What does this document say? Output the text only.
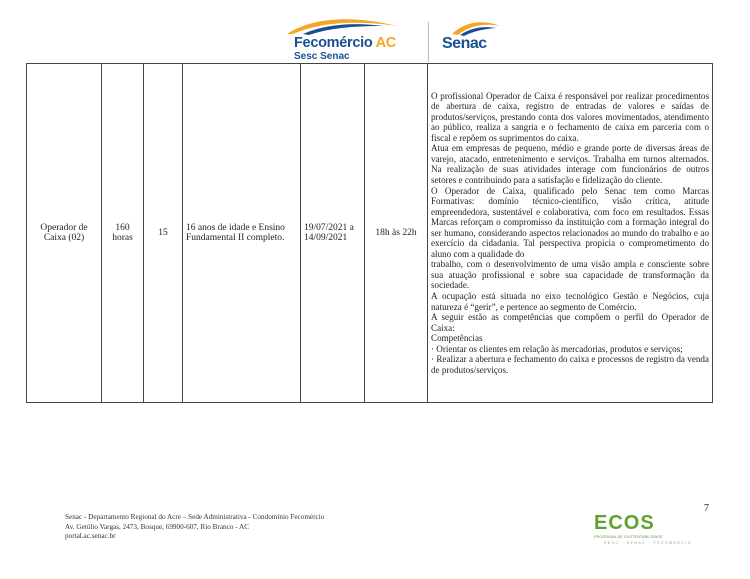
Fecomércio AC
Sesc Senac
Senac
Operador de Caixa (02)	160 horas	15	16 anos de idade e Ensino Fundamental II completo.	19/07/2021 a 14/09/2021	18h às 22h	

O profissional Operador de Caixa é responsável por realizar procedimentos de abertura de caixa, registro de entradas de valores e saídas de produtos/serviços, prestando conta dos valores movimentados, atendimento ao público, realiza a sangria e o fechamento de caixa em parceria com o fiscal e repõem os suprimentos do caixa.

Atua em empresas de pequeno, médio e grande porte de diversas áreas de varejo, atacado, entretenimento e serviços. Trabalha em turnos alternados. Na realização de suas atividades interage com funcionários de outros setores e contribuindo para a satisfação e fidelização do cliente.

O Operador de Caixa, qualificado pelo Senac tem como Marcas Formativas: domínio técnico-científico, visão crítica, atitude empreendedora, sustentável e colaborativa, com foco em resultados. Essas Marcas reforçam o compromisso da instituição com a formação integral do ser humano, considerando aspectos relacionados ao mundo do trabalho e ao exercício da cidadania. Tal perspectiva propicia o comprometimento do aluno com a qualidade do

trabalho, com o desenvolvimento de uma visão ampla e consciente sobre sua atuação profissional e sobre sua capacidade de transformação da sociedade.

A ocupação está situada no eixo tecnológico Gestão e Negócios, cuja natureza é “gerir”, e pertence ao segmento de Comércio.

A seguir estão as competências que compõem o perfil do Operador de Caixa:

Competências

· Orientar os clientes em relação às mercadorias, produtos e serviços;

· Realizar a abertura e fechamento do caixa e processos de registro da venda de produtos/serviços.

Senac - Departamento Regional do Acre – Sede Administrativa - Condomínio Fecomércio
Av. Getúlio Vargas, 2473, Bosque, 69900-607, Rio Branco - AC
portal.ac.senac.br
7
ECOS
PROGRAMA DE SUSTENTABILIDADE
SESC · SENAC · FECOMÉRCIO
